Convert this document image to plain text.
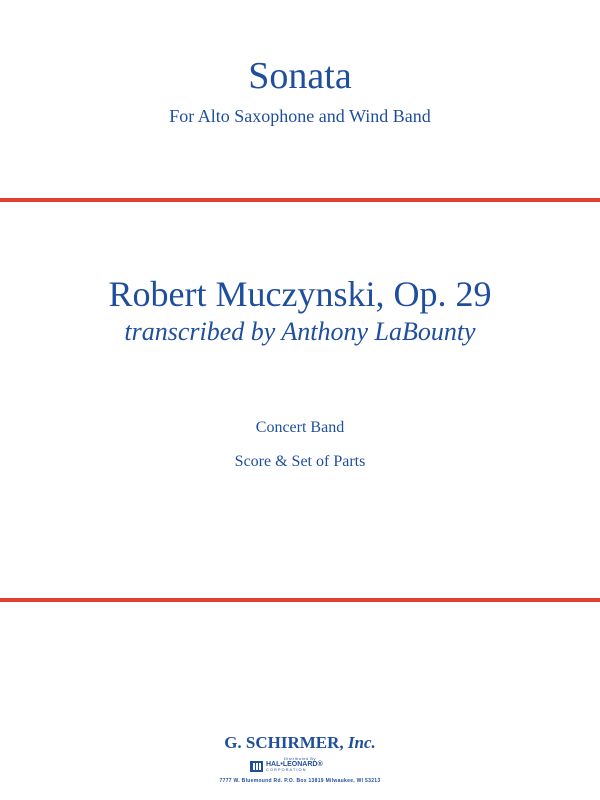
Sonata
For Alto Saxophone and Wind Band
Robert Muczynski, Op. 29
transcribed by Anthony LaBounty
Concert Band
Score & Set of Parts
G. SCHIRMER, Inc.
Distributed By
HAL•LEONARD®
CORPORATION
7777 W. Bluemound Rd. P.O. Box 13819 Milwaukee, WI 53213
